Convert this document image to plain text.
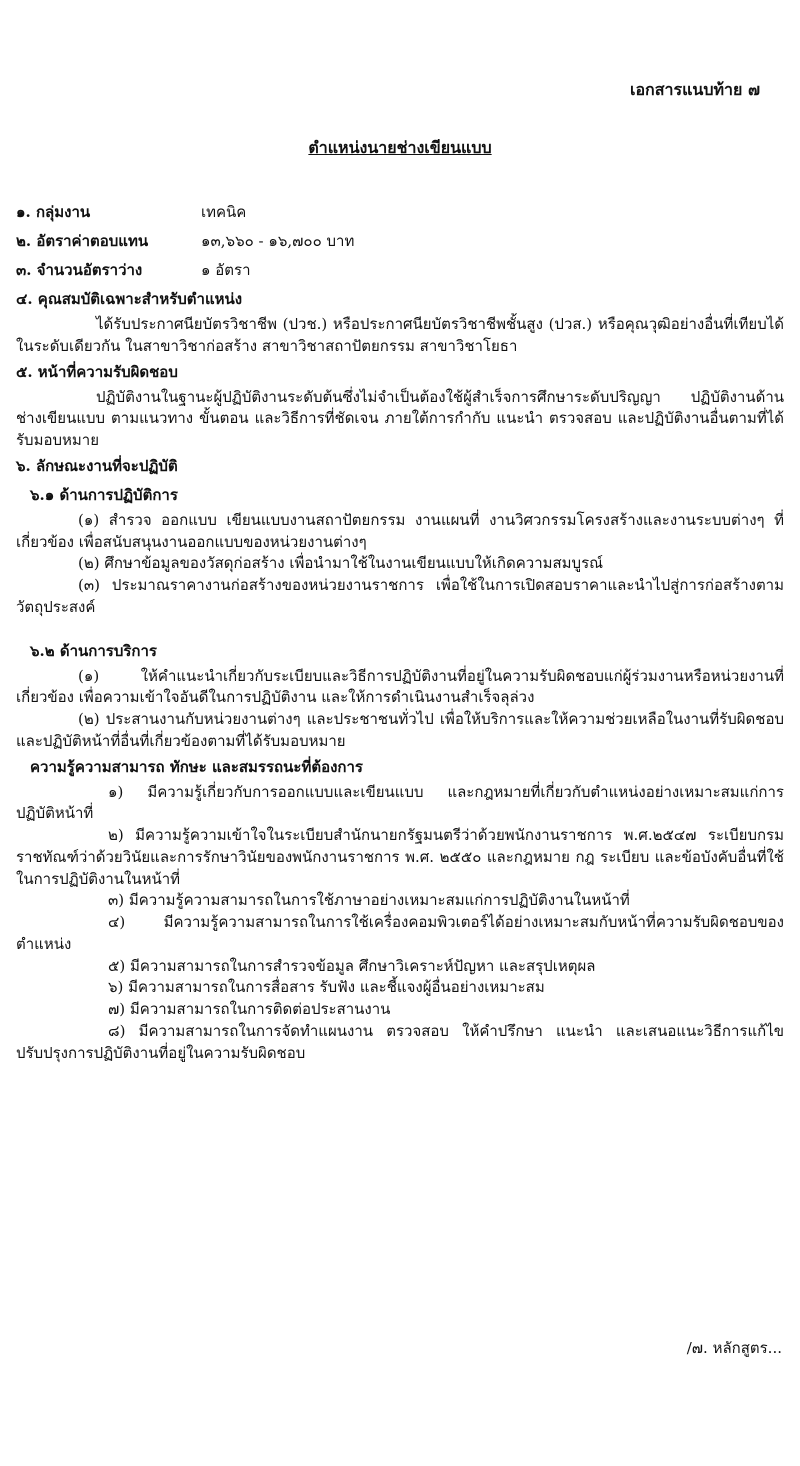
เอกสารแนบท้าย ๗
ตำแหน่งนายช่างเขียนแบบ
๑. กลุ่มงาน	เทคนิค
๒. อัตราค่าตอบแทน	๑๓,๖๖๐ - ๑๖,๗๐๐ บาท
๓. จำนวนอัตราว่าง	๑ อัตรา
๔. คุณสมบัติเฉพาะสำหรับตำแหน่ง

ได้รับประกาศนียบัตรวิชาชีพ (ปวช.) หรือประกาศนียบัตรวิชาชีพชั้นสูง (ปวส.) หรือคุณวุฒิอย่างอื่นที่เทียบได้ในระดับเดียวกัน ในสาขาวิชาก่อสร้าง สาขาวิชาสถาปัตยกรรม สาขาวิชาโยธา

๕. หน้าที่ความรับผิดชอบ

ปฏิบัติงานในฐานะผู้ปฏิบัติงานระดับต้นซึ่งไม่จำเป็นต้องใช้ผู้สำเร็จการศึกษาระดับปริญญา ปฏิบัติงานด้านช่างเขียนแบบ ตามแนวทาง ขั้นตอน และวิธีการที่ชัดเจน ภายใต้การกำกับ แนะนำ ตรวจสอบ และปฏิบัติงานอื่นตามที่ได้รับมอบหมาย

๖. ลักษณะงานที่จะปฏิบัติ
๖.๑ ด้านการปฏิบัติการ

(๑) สำรวจ ออกแบบ เขียนแบบงานสถาปัตยกรรม งานแผนที่ งานวิศวกรรมโครงสร้างและงานระบบต่างๆ ที่เกี่ยวข้อง เพื่อสนับสนุนงานออกแบบของหน่วยงานต่างๆ

(๒) ศึกษาข้อมูลของวัสดุก่อสร้าง เพื่อนำมาใช้ในงานเขียนแบบให้เกิดความสมบูรณ์

(๓) ประมาณราคางานก่อสร้างของหน่วยงานราชการ เพื่อใช้ในการเปิดสอบราคาและนำไปสู่การก่อสร้างตามวัตถุประสงค์

๖.๒ ด้านการบริการ

(๑) ให้คำแนะนำเกี่ยวกับระเบียบและวิธีการปฏิบัติงานที่อยู่ในความรับผิดชอบแก่ผู้ร่วมงานหรือหน่วยงานที่เกี่ยวข้อง เพื่อความเข้าใจอันดีในการปฏิบัติงาน และให้การดำเนินงานสำเร็จลุล่วง

(๒) ประสานงานกับหน่วยงานต่างๆ และประชาชนทั่วไป เพื่อให้บริการและให้ความช่วยเหลือในงานที่รับผิดชอบและปฏิบัติหน้าที่อื่นที่เกี่ยวข้องตามที่ได้รับมอบหมาย

ความรู้ความสามารถ ทักษะ และสมรรถนะที่ต้องการ

๑) มีความรู้เกี่ยวกับการออกแบบและเขียนแบบ และกฎหมายที่เกี่ยวกับตำแหน่งอย่างเหมาะสมแก่การปฏิบัติหน้าที่

๒) มีความรู้ความเข้าใจในระเบียบสำนักนายกรัฐมนตรีว่าด้วยพนักงานราชการ พ.ศ.๒๕๔๗ ระเบียบกรมราชทัณฑ์ว่าด้วยวินัยและการรักษาวินัยของพนักงานราชการ พ.ศ. ๒๕๕๐ และกฎหมาย กฎ ระเบียบ และข้อบังคับอื่นที่ใช้ในการปฏิบัติงานในหน้าที่

๓) มีความรู้ความสามารถในการใช้ภาษาอย่างเหมาะสมแก่การปฏิบัติงานในหน้าที่

๔) มีความรู้ความสามารถในการใช้เครื่องคอมพิวเตอร์ได้อย่างเหมาะสมกับหน้าที่ความรับผิดชอบของตำแหน่ง

๕) มีความสามารถในการสำรวจข้อมูล ศึกษาวิเคราะห์ปัญหา และสรุปเหตุผล

๖) มีความสามารถในการสื่อสาร รับฟัง และชี้แจงผู้อื่นอย่างเหมาะสม

๗) มีความสามารถในการติดต่อประสานงาน

๘) มีความสามารถในการจัดทำแผนงาน ตรวจสอบ ให้คำปรึกษา แนะนำ และเสนอแนะวิธีการแก้ไขปรับปรุงการปฏิบัติงานที่อยู่ในความรับผิดชอบ

/๗. หลักสูตร...
